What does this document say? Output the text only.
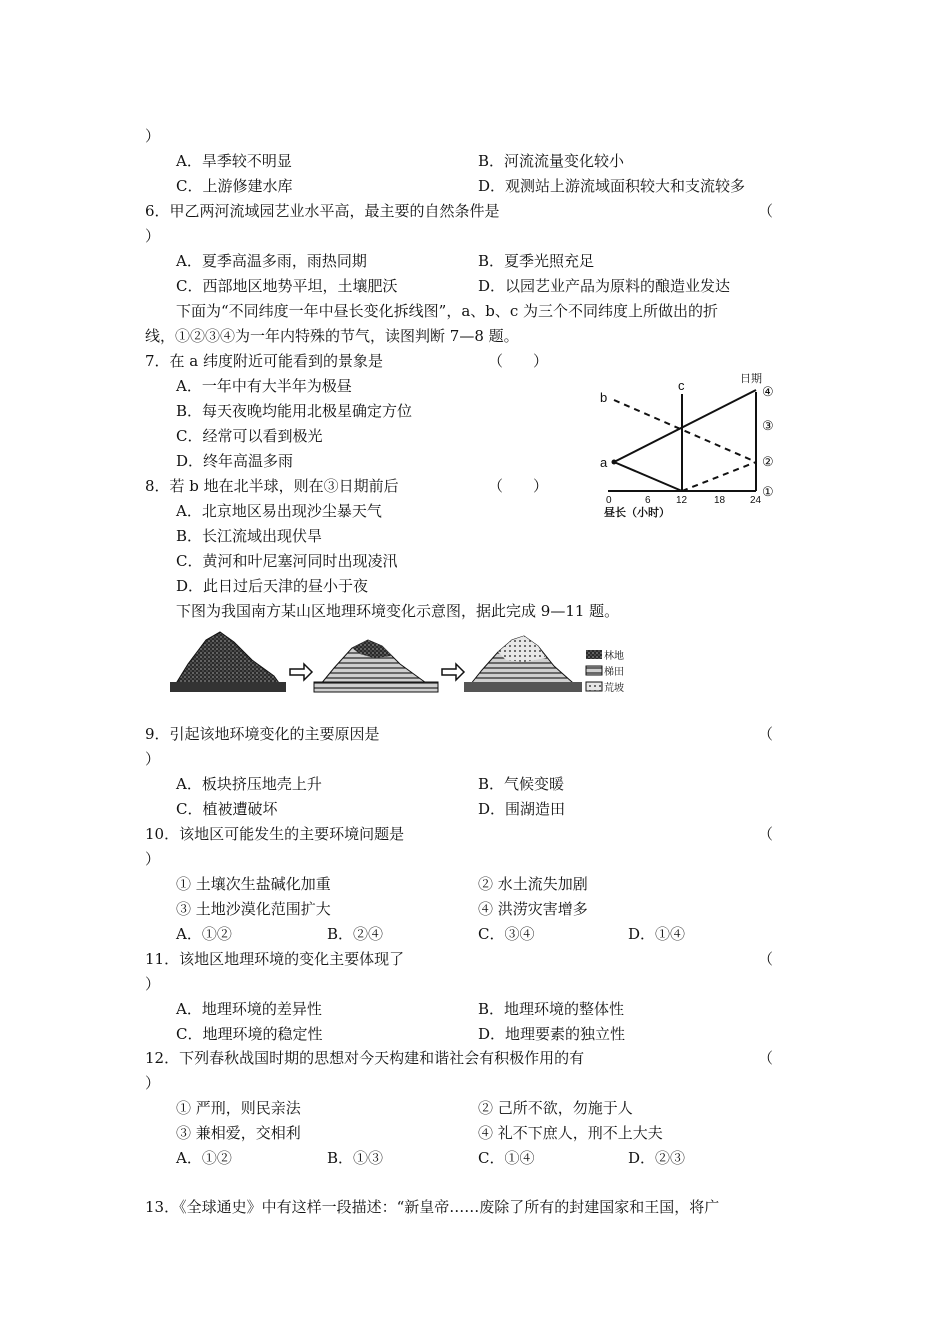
）
A．旱季较不明显	B．河流流量变化较小
C．上游修建水库	D．观测站上游流域面积较大和支流较多
6．甲乙两河流域园艺业水平高，最主要的自然条件是	（
）
A．夏季高温多雨，雨热同期	B．夏季光照充足
C．西部地区地势平坦，土壤肥沃	D．以园艺业产品为原料的酿造业发达
下面为“不同纬度一年中昼长变化拆线图”，a、b、c 为三个不同纬度上所做出的折
线，①②③④为一年内特殊的节气，读图判断 7—8 题。
7．在 a 纬度附近可能看到的景象是	（　　）
A．一年中有大半年为极昼
B．每天夜晚均能用北极星确定方位
C．经常可以看到极光
D．终年高温多雨
8．若 b 地在北半球，则在③日期前后	（　　）
A．北京地区易出现沙尘暴天气
B．长江流域出现伏旱
C．黄河和叶尼塞河同时出现凌汛
D．此日过后天津的昼小于夜
a
b
c	日期
④
③
②
①
0	6	12	18 24
昼长（小时）
下图为我国南方某山区地理环境变化示意图，据此完成 9—11 题。
林地
梯田
荒坡
9．引起该地环境变化的主要原因是	（
）
A．板块挤压地壳上升	B．气候变暖
C．植被遭破坏	D．围湖造田
10．该地区可能发生的主要环境问题是	（
）
① 土壤次生盐碱化加重	② 水土流失加剧
③ 土地沙漠化范围扩大	④ 洪涝灾害增多
A．①②	B．②④	C．③④	D．①④
11．该地区地理环境的变化主要体现了	（
）
A．地理环境的差异性	B．地理环境的整体性
C．地理环境的稳定性	D．地理要素的独立性
12．下列春秋战国时期的思想对今天构建和谐社会有积极作用的有	（
）
① 严刑，则民亲法	② 己所不欲，勿施于人
③ 兼相爱，交相利	④ 礼不下庶人，刑不上大夫
A．①②	B．①③	C．①④	D．②③
13．《全球通史》中有这样一段描述：“新皇帝……废除了所有的封建国家和王国，将广
